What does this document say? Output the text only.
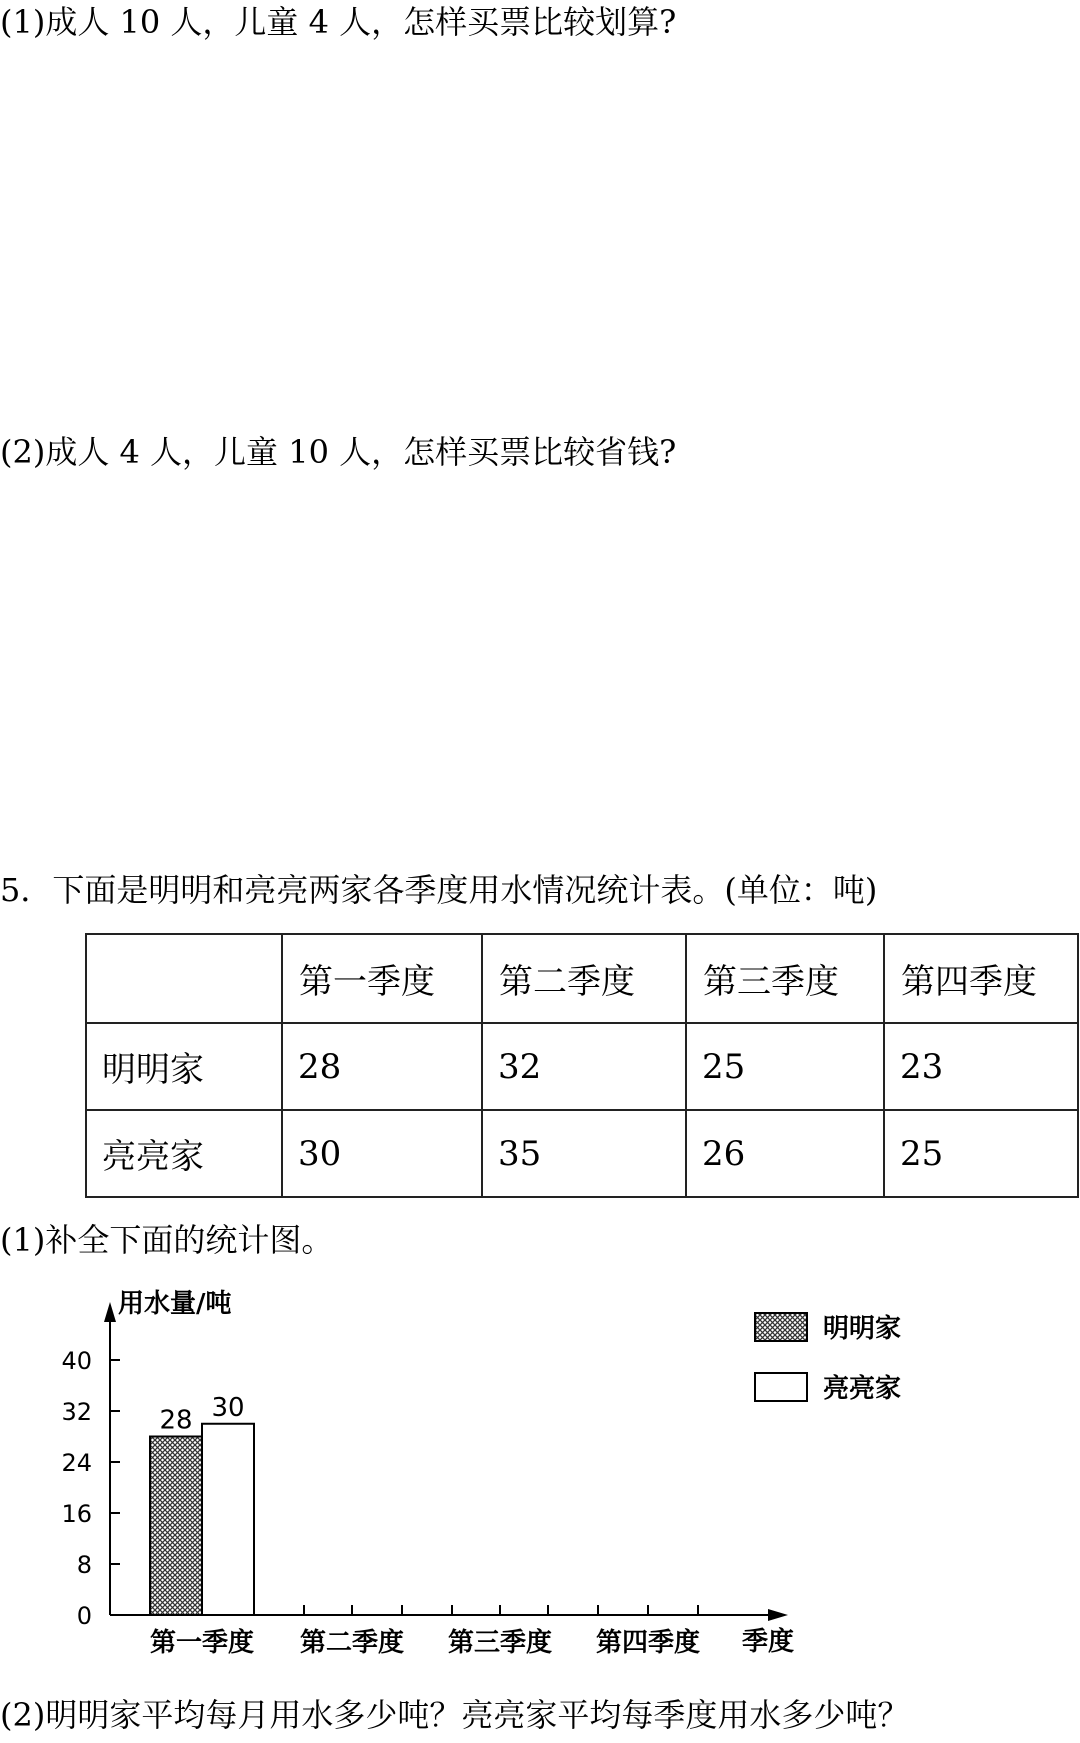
(1)成人 10 人，儿童 4 人，怎样买票比较划算?
(2)成人 4 人，儿童 10 人，怎样买票比较省钱?
5．下面是明明和亮亮两家各季度用水情况统计表。(单位：吨)
	第一季度	第二季度	第三季度	第四季度
明明家	28	32	25	23
亮亮家	30	35	26	25
(1)补全下面的统计图。
0
8
16
24
32
40
第一季度 第二季度 第三季度 第四季度
28 30
明明家
亮亮家
用水量/吨
季度
(2)明明家平均每月用水多少吨？亮亮家平均每季度用水多少吨？
